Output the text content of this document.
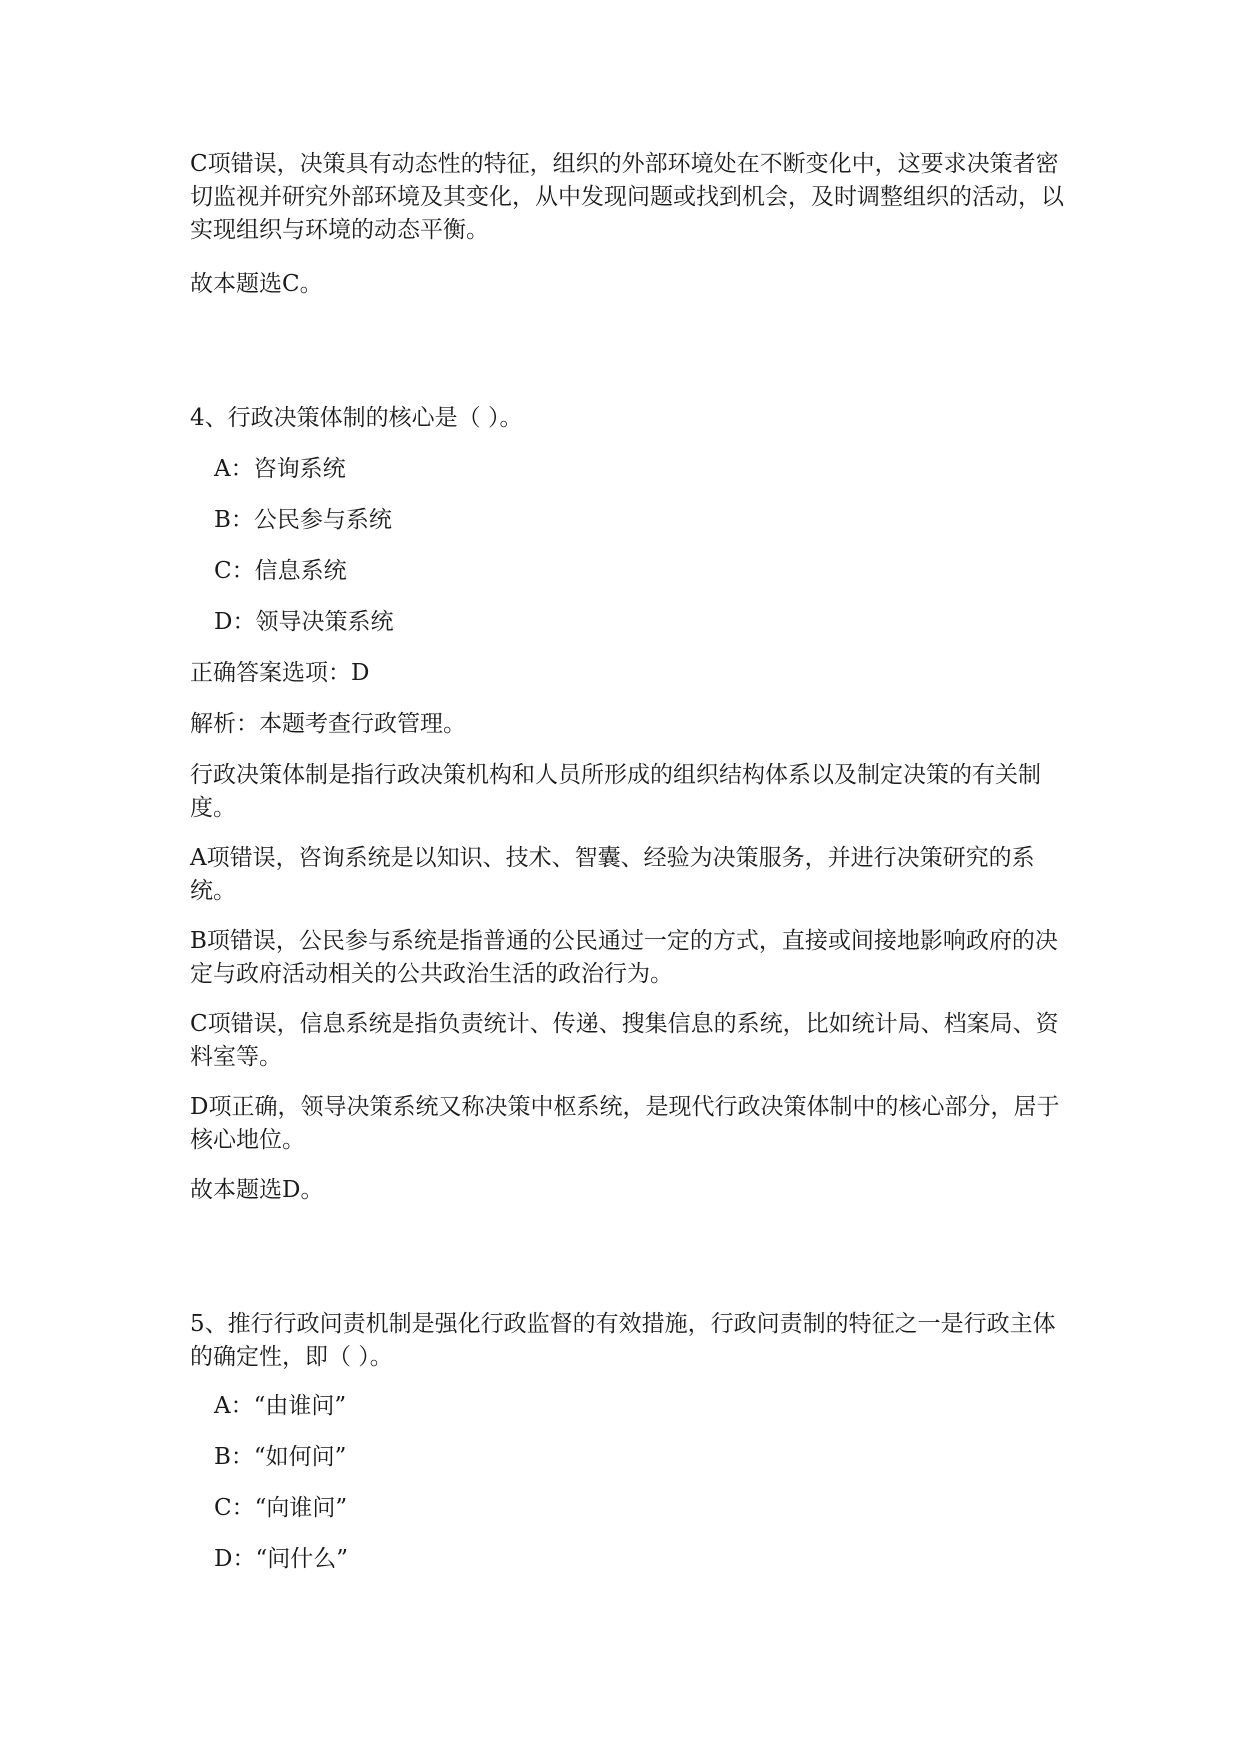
C项错误，决策具有动态性的特征，组织的外部环境处在不断变化中，这要求决策者密切监视并研究外部环境及其变化，从中发现问题或找到机会，及时调整组织的活动，以实现组织与环境的动态平衡。

故本题选C。

4、行政决策体制的核心是（ ）。

A：咨询系统

B：公民参与系统

C：信息系统

D：领导决策系统

正确答案选项：D

解析：本题考查行政管理。

行政决策体制是指行政决策机构和人员所形成的组织结构体系以及制定决策的有关制度。

A项错误，咨询系统是以知识、技术、智囊、经验为决策服务，并进行决策研究的系统。

B项错误，公民参与系统是指普通的公民通过一定的方式，直接或间接地影响政府的决定与政府活动相关的公共政治生活的政治行为。

C项错误，信息系统是指负责统计、传递、搜集信息的系统，比如统计局、档案局、资料室等。

D项正确，领导决策系统又称决策中枢系统，是现代行政决策体制中的核心部分，居于核心地位。

故本题选D。

5、推行行政问责机制是强化行政监督的有效措施，行政问责制的特征之一是行政主体的确定性，即（ ）。

A：“由谁问”

B：“如何问”

C：“向谁问”

D：“问什么”
